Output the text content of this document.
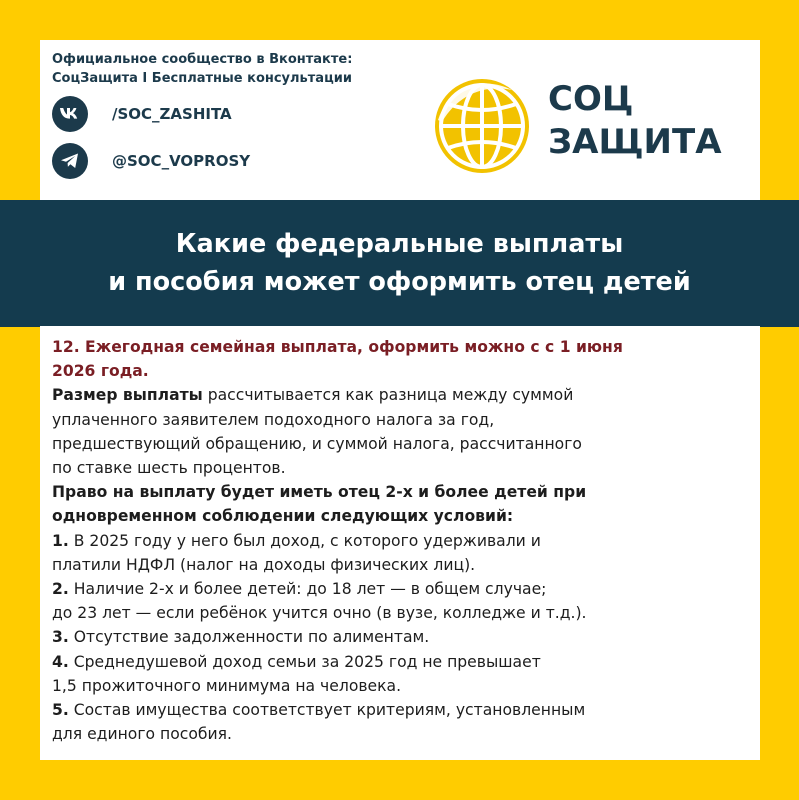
Официальное сообщество в Вконтакте:
СоцЗащита I Бесплатные консультации
/SOC_ZASHITA
@SOC_VOPROSY
СОЦ
ЗАЩИТА
Какие федеральные выплаты
и пособия может оформить отец детей

12. Ежегодная семейная выплата, оформить можно с с 1 июня
2026 года.

Размер выплаты рассчитывается как разница между суммой
уплаченного заявителем подоходного налога за год,
предшествующий обращению, и суммой налога, рассчитанного
по ставке шесть процентов.

Право на выплату будет иметь отец 2-х и более детей при
одновременном соблюдении следующих условий:

1. В 2025 году у него был доход, с которого удерживали и
платили НДФЛ (налог на доходы физических лиц).

2. Наличие 2-х и более детей: до 18 лет — в общем случае;
до 23 лет — если ребёнок учится очно (в вузе, колледже и т.д.).

3. Отсутствие задолженности по алиментам.

4. Среднедушевой доход семьи за 2025 год не превышает
1,5 прожиточного минимума на человека.

5. Состав имущества соответствует критериям, установленным
для единого пособия.
